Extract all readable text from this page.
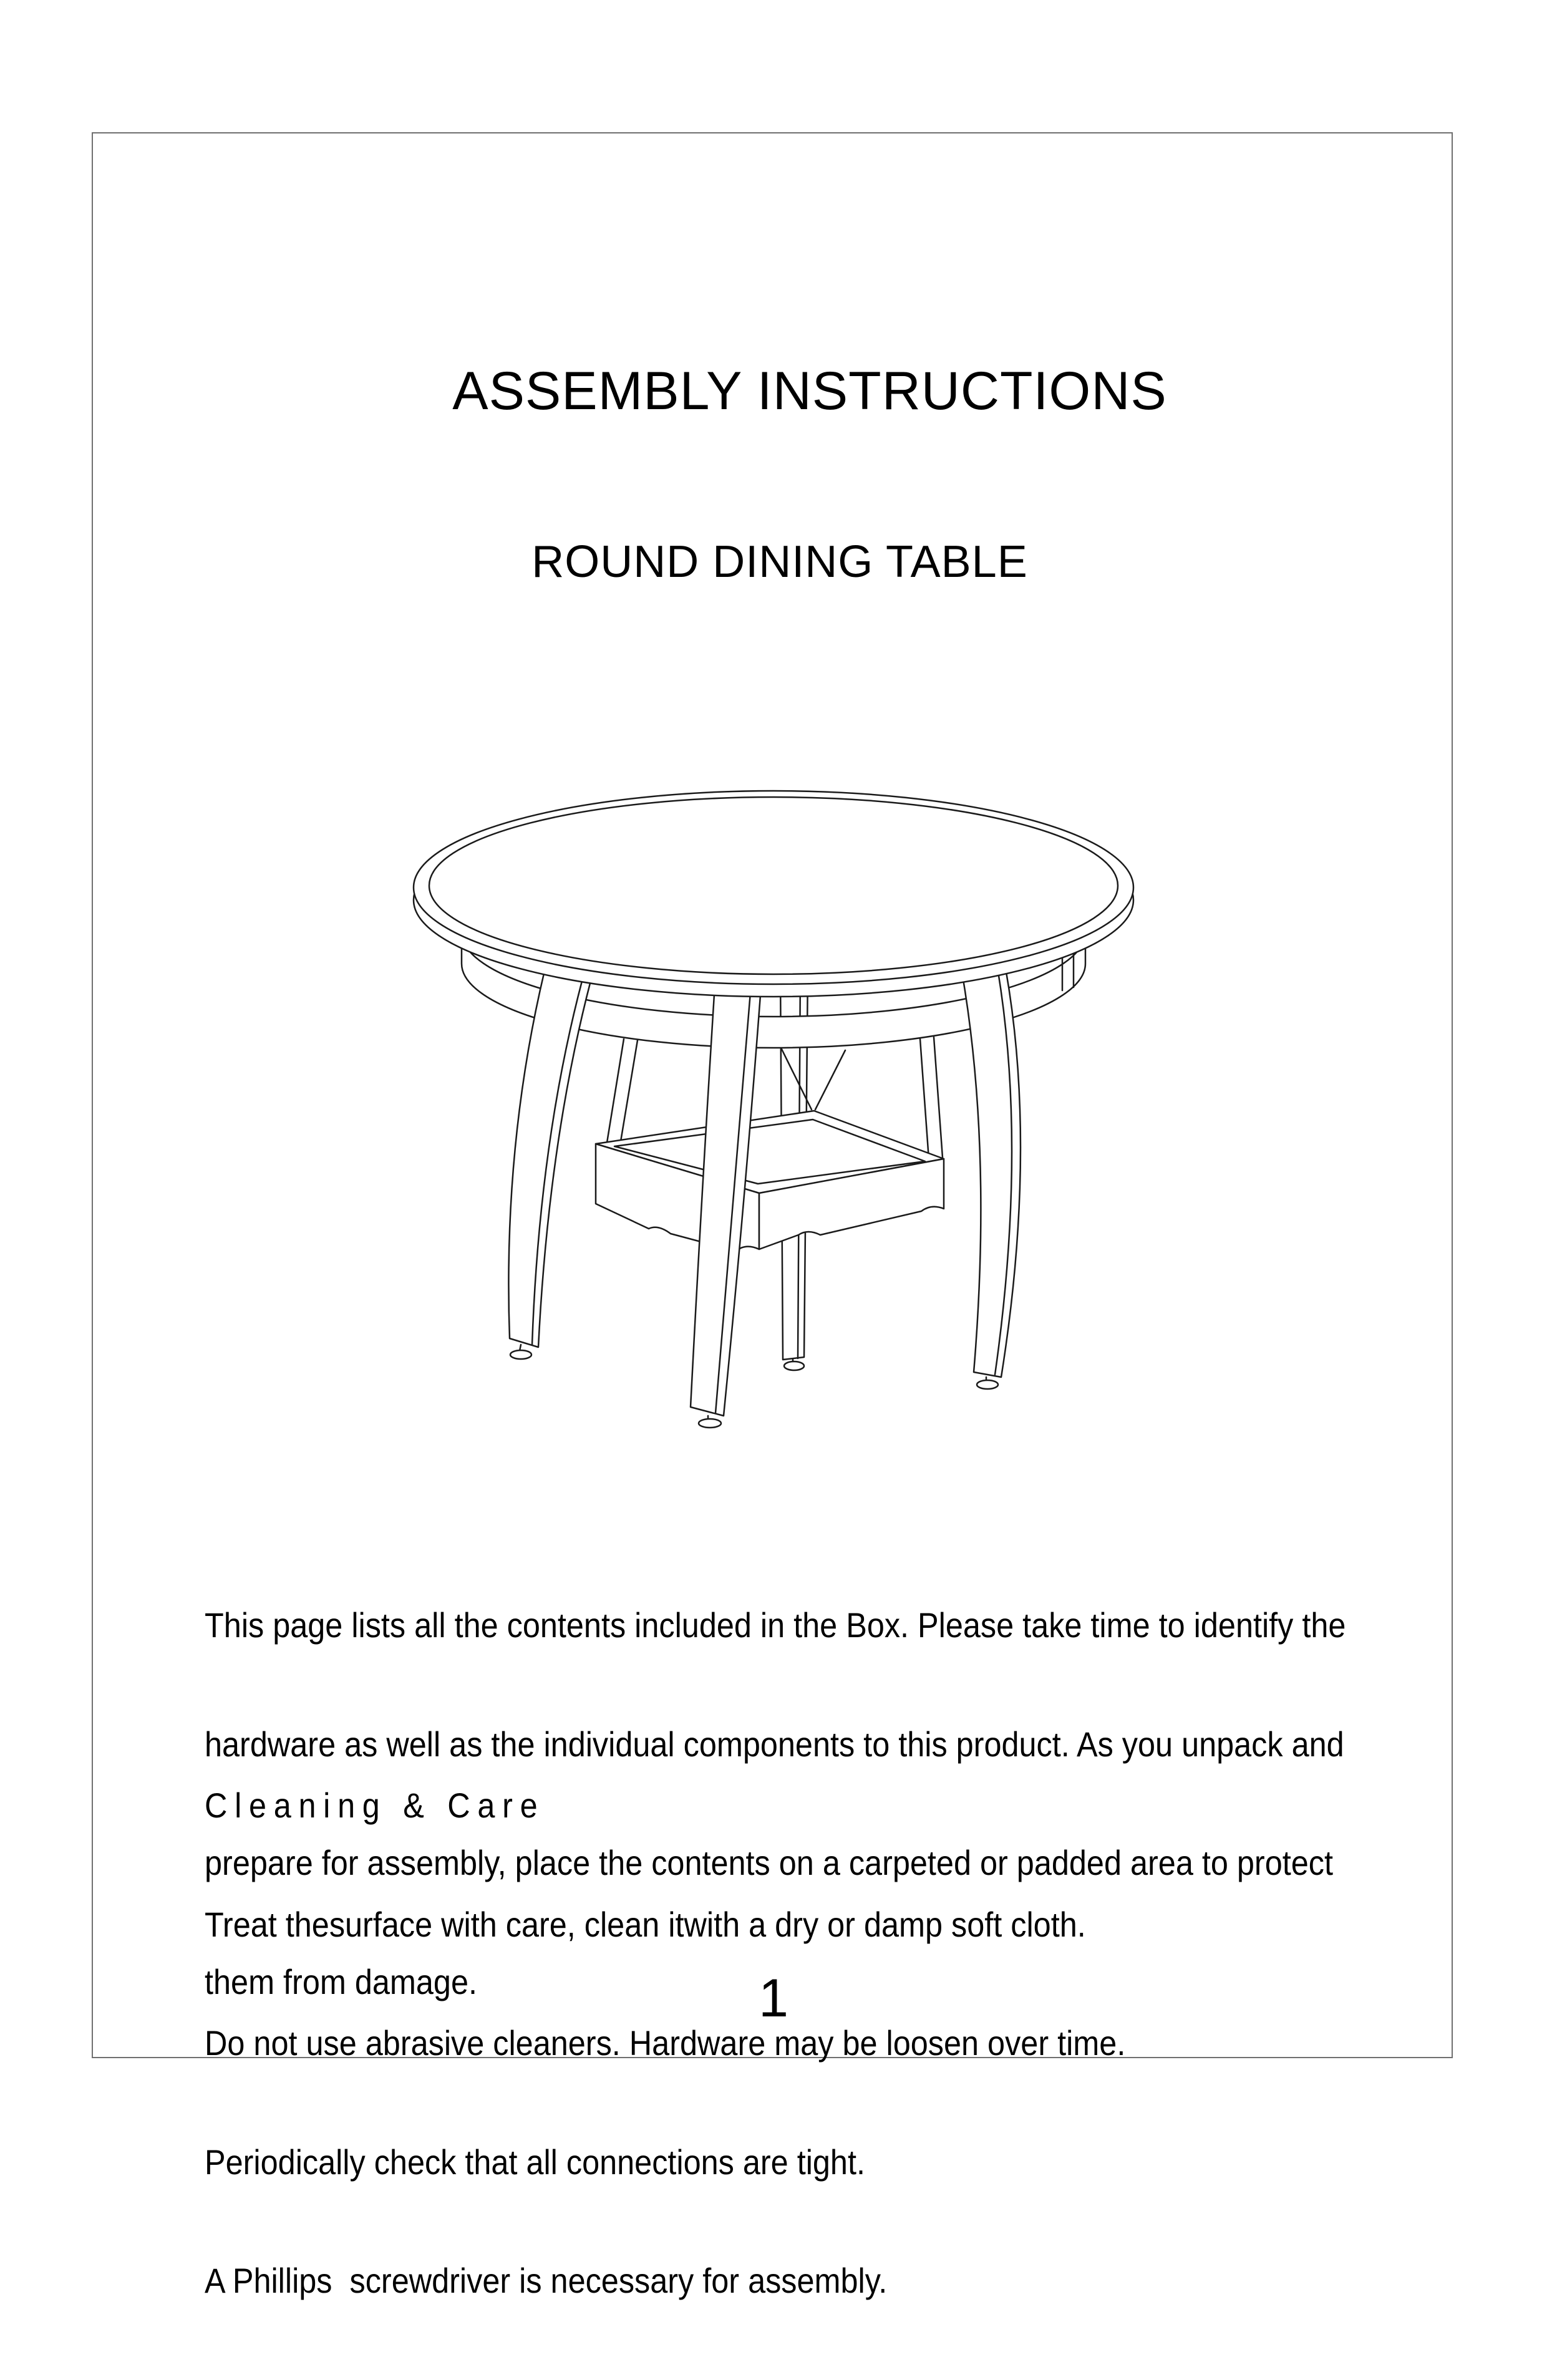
ASSEMBLY INSTRUCTIONS
ROUND DINING TABLE

This page lists all the contents included in the Box. Please take time to identify the

hardware as well as the individual components to this product. As you unpack and

prepare for assembly, place the contents on a carpeted or padded area to protect

them from damage.

Cleaning & Care

Treat thesurface with care, clean itwith a dry or damp soft cloth.

Do not use abrasive cleaners. Hardware may be loosen over time.

Periodically check that all connections are tight.

A Phillips  screwdriver is necessary for assembly.

1
